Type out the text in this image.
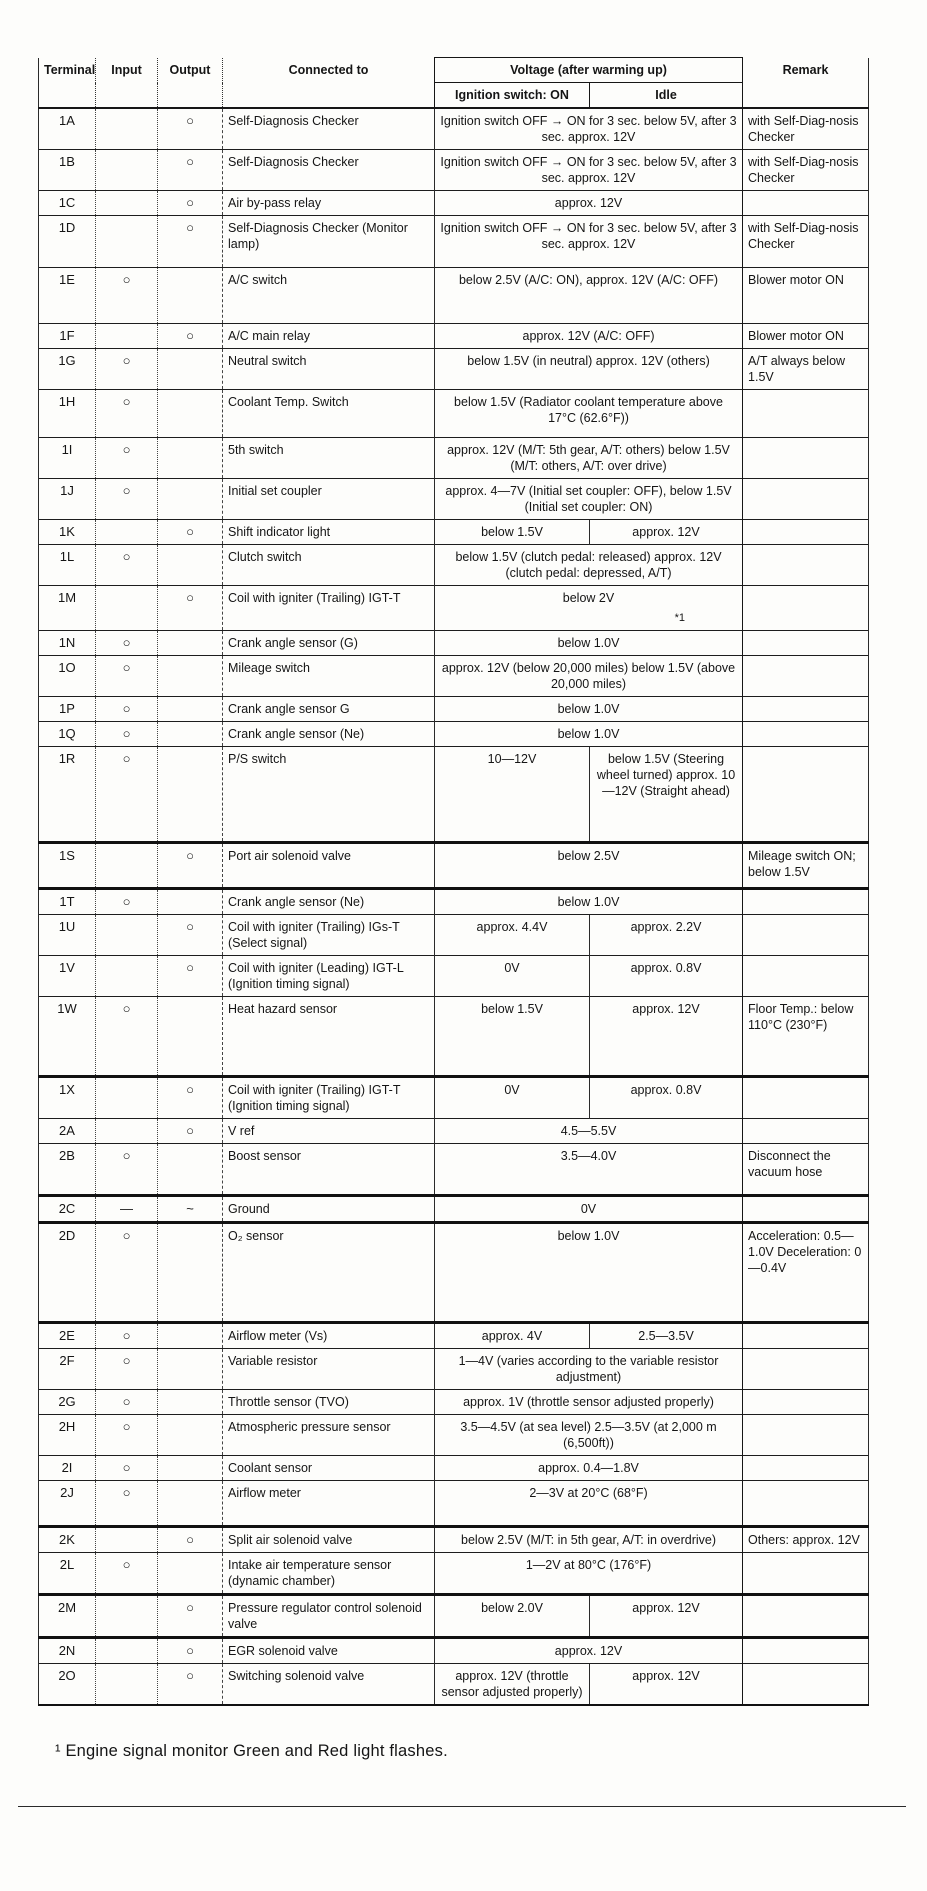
Terminal	Input	Output	Connected to	Voltage (after warming up)		Remark
				Ignition switch: ON	Idle	
1A		○	Self-Diagnosis Checker	Ignition switch OFF → ON for 3 sec. below 5V, after 3 sec. approx. 12V		with Self-Diag-nosis Checker
1B		○	Self-Diagnosis Checker	Ignition switch OFF → ON for 3 sec. below 5V, after 3 sec. approx. 12V		with Self-Diag-nosis Checker
1C		○	Air by-pass relay	approx. 12V		
1D		○	Self-Diagnosis Checker (Monitor lamp)	Ignition switch OFF → ON for 3 sec. below 5V, after 3 sec. approx. 12V		with Self-Diag-nosis Checker
1E	○		A/C switch	below 2.5V (A/C: ON), approx. 12V (A/C: OFF)		Blower motor ON
1F		○	A/C main relay	approx. 12V (A/C: OFF)		Blower motor ON
1G	○		Neutral switch	below 1.5V (in neutral) approx. 12V (others)		A/T always below 1.5V
1H	○		Coolant Temp. Switch	below 1.5V (Radiator coolant temperature above 17°C (62.6°F))		
1I	○		5th switch	approx. 12V (M/T: 5th gear, A/T: others) below 1.5V (M/T: others, A/T: over drive)		
1J	○		Initial set coupler	approx. 4—7V (Initial set coupler: OFF), below 1.5V (Initial set coupler: ON)		
1K		○	Shift indicator light	below 1.5V	approx. 12V	
1L	○		Clutch switch	below 1.5V (clutch pedal: released) approx. 12V (clutch pedal: depressed, A/T)		
1M		○	Coil with igniter (Trailing) IGT-T	below 2V
*1		

1N	○		Crank angle sensor (G)	below 1.0V		
1O	○		Mileage switch	approx. 12V (below 20,000 miles) below 1.5V (above 20,000 miles)		
1P	○		Crank angle sensor G	below 1.0V		
1Q	○		Crank angle sensor (Ne)	below 1.0V		
1R	○		P/S switch	10—12V	below 1.5V (Steering wheel turned) approx. 10—12V (Straight ahead)	
1S		○	Port air solenoid valve	below 2.5V		Mileage switch ON; below 1.5V
1T	○		Crank angle sensor (Ne)	below 1.0V		
1U		○	Coil with igniter (Trailing) IGs-T (Select signal)	approx. 4.4V	approx. 2.2V	
1V		○	Coil with igniter (Leading) IGT-L (Ignition timing signal)	0V	approx. 0.8V	
1W	○		Heat hazard sensor	below 1.5V	approx. 12V	Floor Temp.: below 110°C (230°F)
1X		○	Coil with igniter (Trailing) IGT-T (Ignition timing signal)	0V	approx. 0.8V	
2A		○	V ref	4.5—5.5V		
2B	○		Boost sensor	3.5—4.0V		Disconnect the vacuum hose
2C	—	~	Ground	0V		
2D	○		O₂ sensor	below 1.0V		Acceleration: 0.5—1.0V Deceleration: 0—0.4V
2E	○		Airflow meter (Vs)	approx. 4V	2.5—3.5V	
2F	○		Variable resistor	1—4V (varies according to the variable resistor adjustment)		
2G	○		Throttle sensor (TVO)	approx. 1V (throttle sensor adjusted properly)		
2H	○		Atmospheric pressure sensor	3.5—4.5V (at sea level) 2.5—3.5V (at 2,000 m (6,500ft))		
2I	○		Coolant sensor	approx. 0.4—1.8V		
2J	○		Airflow meter	2—3V at 20°C (68°F)		
2K		○	Split air solenoid valve	below 2.5V (M/T: in 5th gear, A/T: in overdrive)		Others: approx. 12V
2L	○		Intake air temperature sensor (dynamic chamber)	1—2V at 80°C (176°F)		
2M		○	Pressure regulator control solenoid valve	below 2.0V	approx. 12V	
2N		○	EGR solenoid valve	approx. 12V		
2O		○	Switching solenoid valve	approx. 12V (throttle sensor adjusted properly)	approx. 12V	

¹ Engine signal monitor Green and Red light flashes.
